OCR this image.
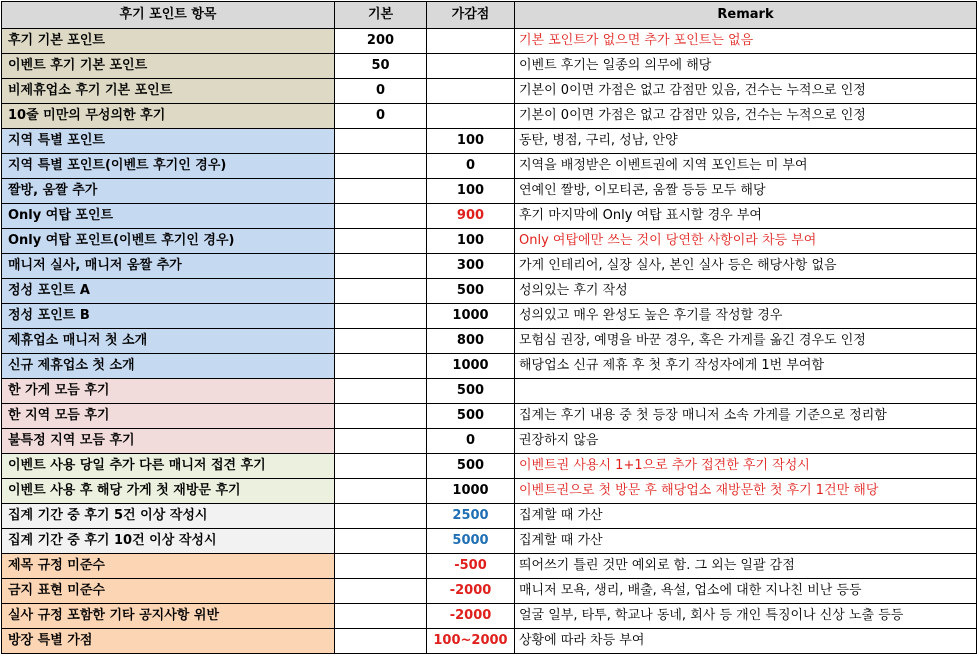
후기 포인트 항목	기본	가감점	Remark
후기 기본 포인트	200		기본 포인트가 없으면 추가 포인트는 없음
이벤트 후기 기본 포인트	50		이벤트 후기는 일종의 의무에 해당
비제휴업소 후기 기본 포인트	0		기본이 0이면 가점은 없고 감점만 있음, 건수는 누적으로 인정
10줄 미만의 무성의한 후기	0		기본이 0이면 가점은 없고 감점만 있음, 건수는 누적으로 인정
지역 특별 포인트		100	동탄, 병점, 구리, 성남, 안양
지역 특별 포인트(이벤트 후기인 경우)		0	지역을 배정받은 이벤트권에 지역 포인트는 미 부여
짤방, 움짤 추가		100	연예인 짤방, 이모티콘, 움짤 등등 모두 해당
Only 여탑 포인트		900	후기 마지막에 Only 여탑 표시할 경우 부여
Only 여탑 포인트(이벤트 후기인 경우)		100	Only 여탑에만 쓰는 것이 당연한 사항이라 차등 부여
매니저 실사, 매니저 움짤 추가		300	가게 인테리어, 실장 실사, 본인 실사 등은 해당사항 없음
정성 포인트 A		500	성의있는 후기 작성
정성 포인트 B		1000	성의있고 매우 완성도 높은 후기를 작성할 경우
제휴업소 매니저 첫 소개		800	모험심 권장, 예명을 바꾼 경우, 혹은 가게를 옮긴 경우도 인정
신규 제휴업소 첫 소개		1000	해당업소 신규 제휴 후 첫 후기 작성자에게 1번 부여함
한 가게 모듬 후기		500	
한 지역 모듬 후기		500	집계는 후기 내용 중 첫 등장 매니저 소속 가게를 기준으로 정리함
불특정 지역 모듬 후기		0	권장하지 않음
이벤트 사용 당일 추가 다른 매니저 접견 후기		500	이벤트권 사용시 1+1으로 추가 접견한 후기 작성시
이벤트 사용 후 해당 가게 첫 재방문 후기		1000	이벤트권으로 첫 방문 후 해당업소 재방문한 첫 후기 1건만 해당
집계 기간 중 후기 5건 이상 작성시		2500	집계할 때 가산
집계 기간 중 후기 10건 이상 작성시		5000	집계할 때 가산
제목 규정 미준수		-500	띄어쓰기 틀린 것만 예외로 함. 그 외는 일괄 감점
금지 표현 미준수		-2000	매니저 모욕, 생리, 배출, 욕설, 업소에 대한 지나친 비난 등등
실사 규정 포함한 기타 공지사항 위반		-2000	얼굴 일부, 타투, 학교나 동네, 회사 등 개인 특징이나 신상 노출 등등
방장 특별 가점		100~2000	상황에 따라 차등 부여
